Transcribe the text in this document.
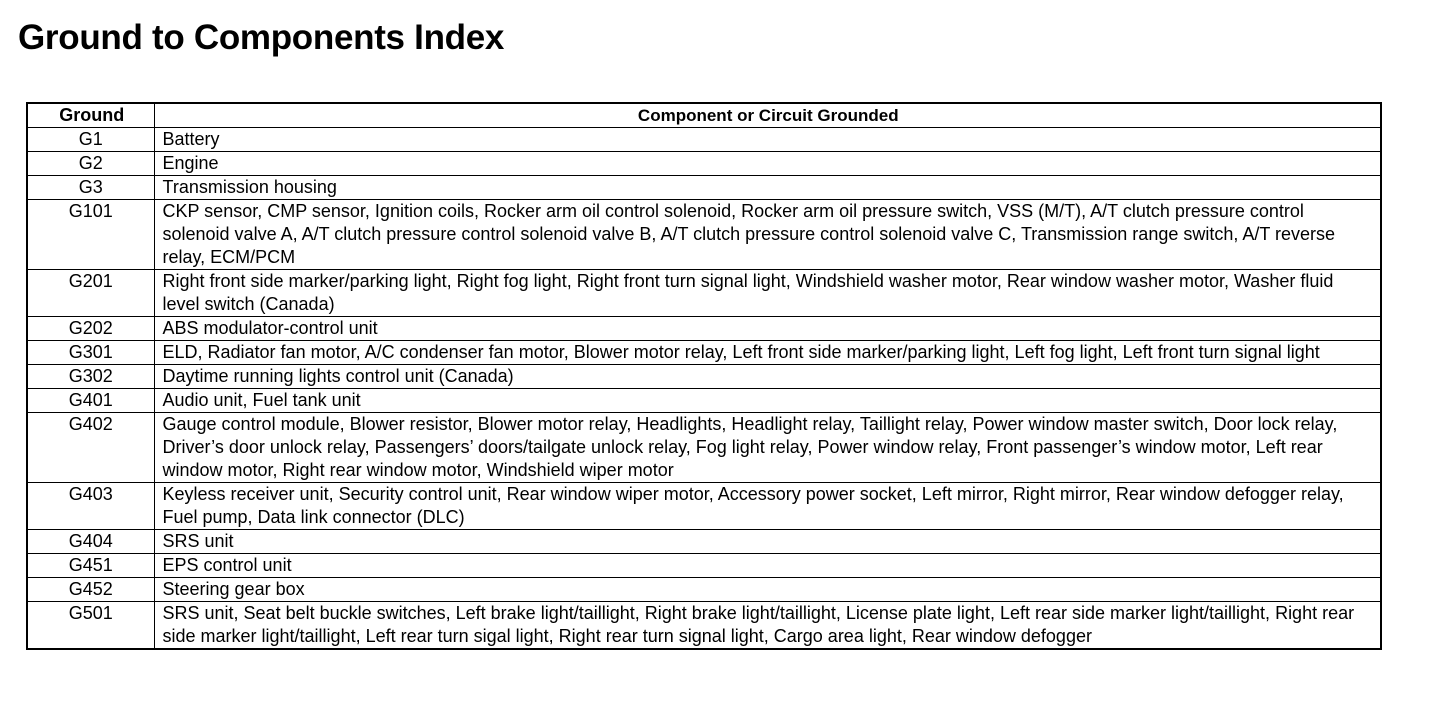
Ground to Components Index
Ground	Component or Circuit Grounded
G1	Battery
G2	Engine
G3	Transmission housing
G101	CKP sensor, CMP sensor, Ignition coils, Rocker arm oil control solenoid, Rocker arm oil pressure switch, VSS (M/T), A/T clutch pressure control solenoid valve A, A/T clutch pressure control solenoid valve B, A/T clutch pressure control solenoid valve C, Transmission range switch, A/T reverse relay, ECM/PCM
G201	Right front side marker/parking light, Right fog light, Right front turn signal light, Windshield washer motor, Rear window washer motor, Washer fluid level switch (Canada)
G202	ABS modulator-control unit
G301	ELD, Radiator fan motor, A/C condenser fan motor, Blower motor relay, Left front side marker/parking light, Left fog light, Left front turn signal light
G302	Daytime running lights control unit (Canada)
G401	Audio unit, Fuel tank unit
G402	Gauge control module, Blower resistor, Blower motor relay, Headlights, Headlight relay, Taillight relay, Power window master switch, Door lock relay, Driver’s door unlock relay, Passengers’ doors/tailgate unlock relay, Fog light relay, Power window relay, Front passenger’s window motor, Left rear window motor, Right rear window motor, Windshield wiper motor
G403	Keyless receiver unit, Security control unit, Rear window wiper motor, Accessory power socket, Left mirror, Right mirror, Rear window defogger relay, Fuel pump, Data link connector (DLC)
G404	SRS unit
G451	EPS control unit
G452	Steering gear box
G501	SRS unit, Seat belt buckle switches, Left brake light/taillight, Right brake light/taillight, License plate light, Left rear side marker light/taillight, Right rear side marker light/taillight, Left rear turn sigal light, Right rear turn signal light, Cargo area light, Rear window defogger
